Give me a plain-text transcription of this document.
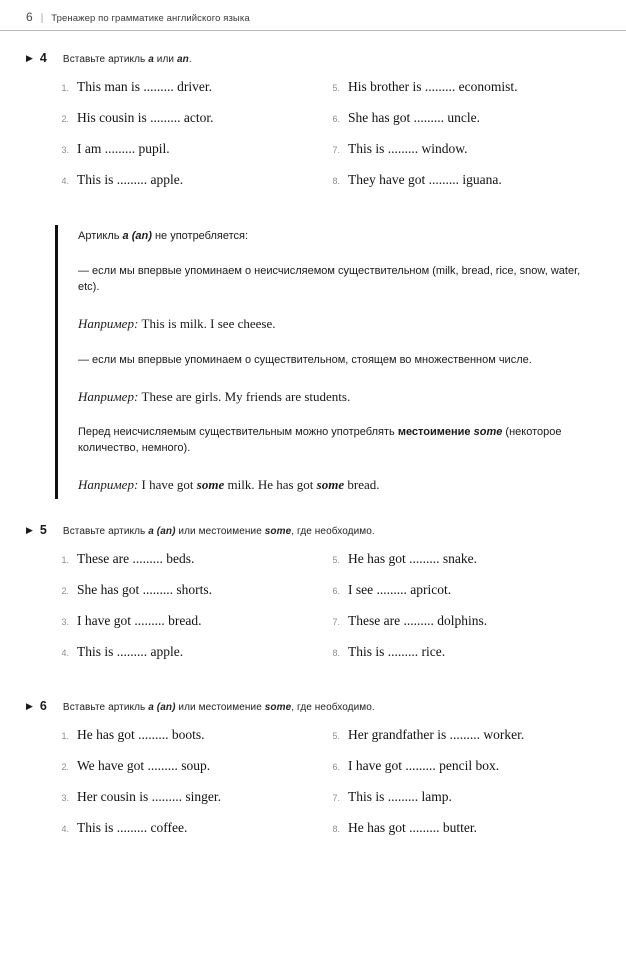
6 | Тренажер по грамматике английского языка
▶ 4 Вставьте артикль a или an.
1. This man is ......... driver.	5. His brother is ......... economist.
2. His cousin is ......... actor.	6. She has got ......... uncle.
3. I am ......... pupil.	7. This is ......... window.
4. This is ......... apple.	8. They have got ......... iguana.

Артикль a (an) не употребляется:

— если мы впервые упоминаем о неисчисляемом существительном (milk, bread, rice, snow, water, etc).

Например: This is milk. I see cheese.

— если мы впервые упоминаем о существительном, стоящем во множественном числе.

Например: These are girls. My friends are students.

Перед неисчисляемым существительным можно употреблять местоимение some (некоторое количество, немного).

Например: I have got some milk. He has got some bread.

▶ 5 Вставьте артикль a (an) или местоимение some, где необходимо.
1. These are ......... beds.	5. He has got ......... snake.
2. She has got ......... shorts.	6. I see ......... apricot.
3. I have got ......... bread.	7. These are ......... dolphins.
4. This is ......... apple.	8. This is ......... rice.
▶ 6 Вставьте артикль a (an) или местоимение some, где необходимо.
1. He has got ......... boots.	5. Her grandfather is ......... worker.
2. We have got ......... soup.	6. I have got ......... pencil box.
3. Her cousin is ......... singer.	7. This is ......... lamp.
4. This is ......... coffee.	8. He has got ......... butter.
